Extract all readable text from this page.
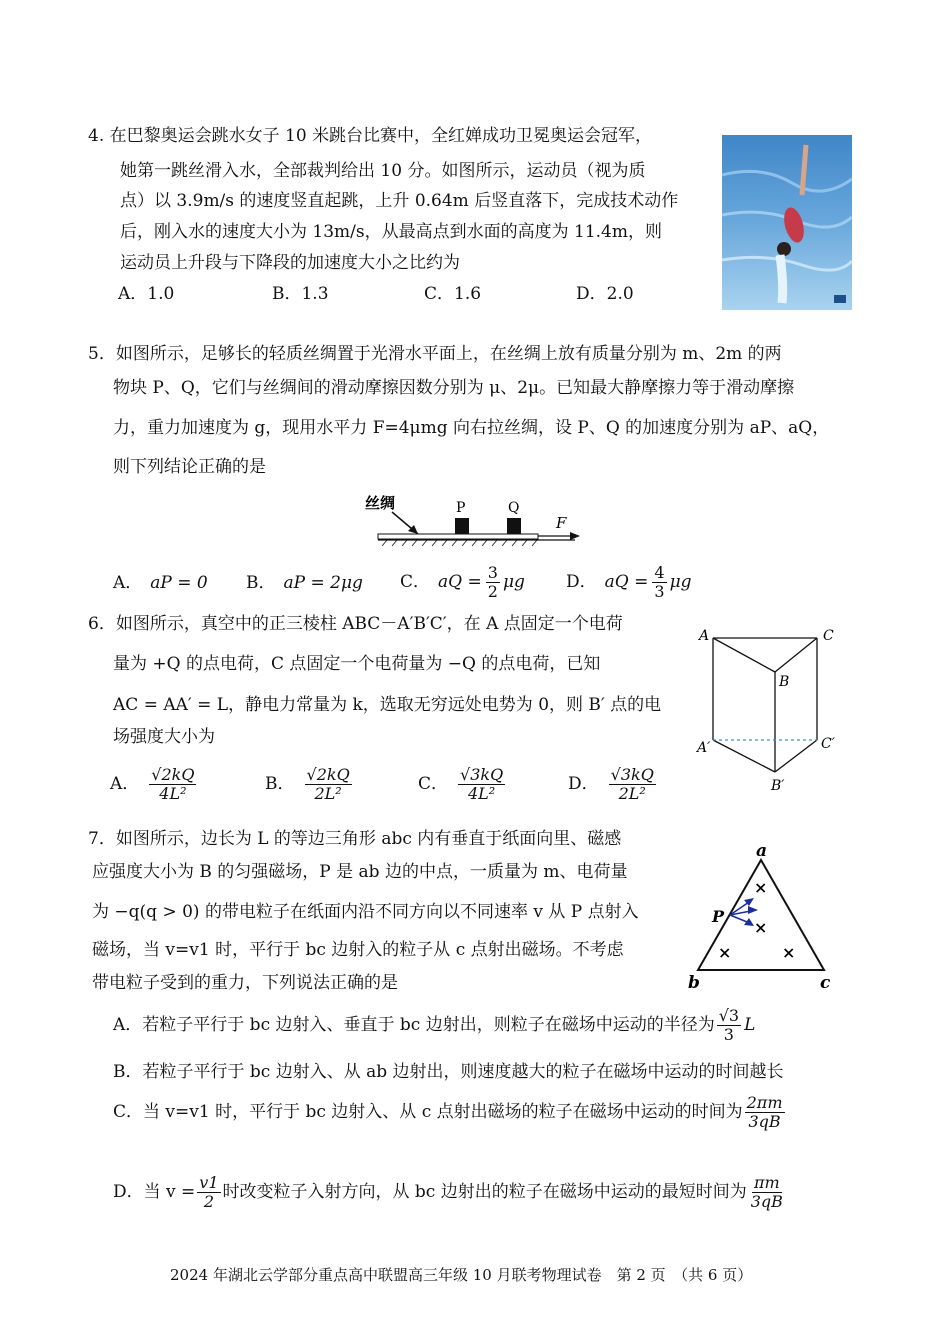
4. 在巴黎奥运会跳水女子 10 米跳台比赛中，全红婵成功卫冕奥运会冠军，
她第一跳丝滑入水，全部裁判给出 10 分。如图所示，运动员（视为质
点）以 3.9m/s 的速度竖直起跳，上升 0.64m 后竖直落下，完成技术动作
后，刚入水的速度大小为 13m/s，从最高点到水面的高度为 11.4m，则
运动员上升段与下降段的加速度大小之比约为
A．1.0	B．1.3	C．1.6	D．2.0
5．如图所示，足够长的轻质丝绸置于光滑水平面上，在丝绸上放有质量分别为 m、2m 的两
物块 P、Q，它们与丝绸间的滑动摩擦因数分别为 μ、2μ。已知最大静摩擦力等于滑动摩擦
力，重力加速度为 g，现用水平力 F=4μmg 向右拉丝绸，设 P、Q 的加速度分别为 aP、aQ，
则下列结论正确的是
丝绸	P	Q
F
A． aP = 0 B． aP = 2μg C． aQ = $\frac{3}{2}$ μg D． aQ = $\frac{4}{3}$ μg
6．如图所示，真空中的正三棱柱 ABC－A′B′C′，在 A 点固定一个电荷
量为 +Q 的点电荷，C 点固定一个电荷量为 −Q 的点电荷，已知
AC = AA′ = L，静电力常量为 k，选取无穷远处电势为 0，则 B′ 点的电
场强度大小为
A	C
B
A′	C′
B′
A． $\frac{√2kQ}{\text{4L²}}$	B． $\frac{√2kQ}{\text{2L²}}$	C． $\frac{√3kQ}{\text{4L²}}$	D． $\frac{√3kQ}{\text{2L²}}$
7．如图所示，边长为 L 的等边三角形 abc 内有垂直于纸面向里、磁感
应强度大小为 B 的匀强磁场，P 是 ab 边的中点，一质量为 m、电荷量
为 −q(q > 0) 的带电粒子在纸面内沿不同方向以不同速率 v 从 P 点射入
磁场，当 v=v1 时，平行于 bc 边射入的粒子从 c 点射出磁场。不考虑
带电粒子受到的重力，下列说法正确的是
a
b	c
P
×
×
×	×
A．若粒子平行于 bc 边射入、垂直于 bc 边射出，则粒子在磁场中运动的半径为 $\frac{√3}{3}$ L
B．若粒子平行于 bc 边射入、从 ab 边射出，则速度越大的粒子在磁场中运动的时间越长
C．当 v=v1 时，平行于 bc 边射入、从 c 点射出磁场的粒子在磁场中运动的时间为 $\frac{2\pi m}{3qB}$
D．当 $v = \frac{v1}{2}$ 时改变粒子入射方向，从 bc 边射出的粒子在磁场中运动的最短时间为 $\frac{\pi m}{3qB}$
2024 年湖北云学部分重点高中联盟高三年级 10 月联考物理试卷　第 2 页　（共 6 页）
